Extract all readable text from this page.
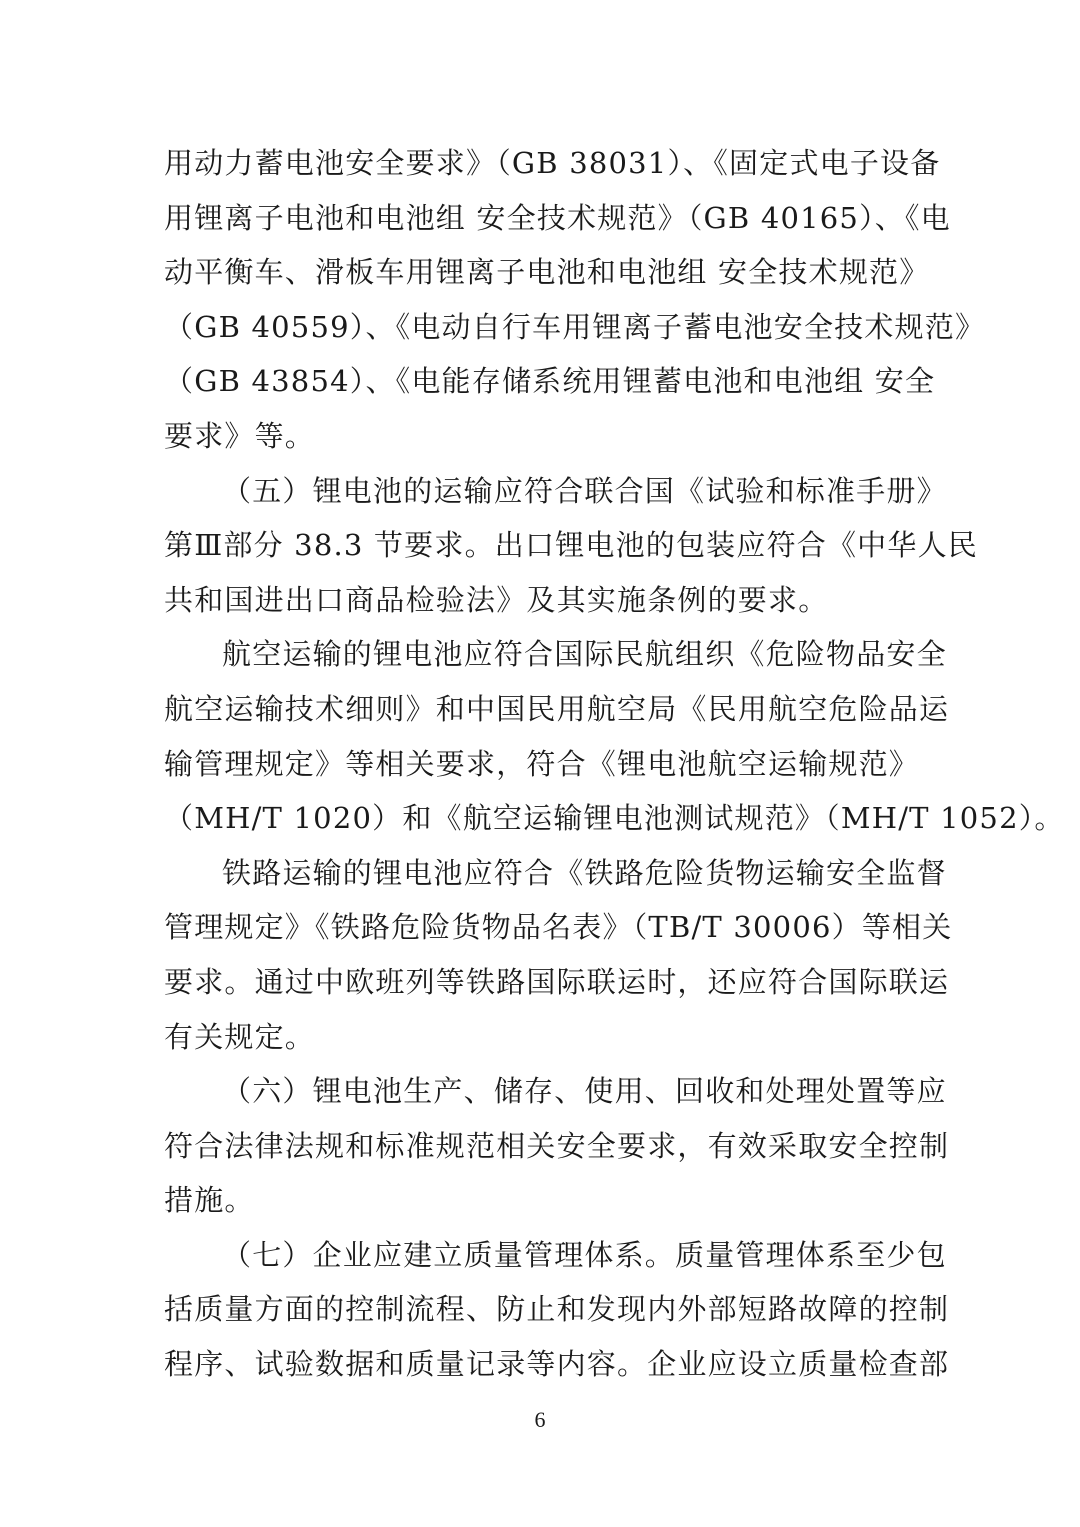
用动力蓄电池安全要求》（GB 38031）、《固定式电子设备
用锂离子电池和电池组 安全技术规范》（GB 40165）、《电
动平衡车、滑板车用锂离子电池和电池组 安全技术规范》
（GB 40559）、《电动自行车用锂离子蓄电池安全技术规范》
（GB 43854）、《电能存储系统用锂蓄电池和电池组 安全
要求》等。
（五）锂电池的运输应符合联合国《试验和标准手册》
第Ⅲ部分 38.3 节要求。出口锂电池的包装应符合《中华人民
共和国进出口商品检验法》及其实施条例的要求。
航空运输的锂电池应符合国际民航组织《危险物品安全
航空运输技术细则》和中国民用航空局《民用航空危险品运
输管理规定》等相关要求，符合《锂电池航空运输规范》
（MH/T 1020）和《航空运输锂电池测试规范》（MH/T 1052）。
铁路运输的锂电池应符合《铁路危险货物运输安全监督
管理规定》《铁路危险货物品名表》（TB/T 30006）等相关
要求。通过中欧班列等铁路国际联运时，还应符合国际联运
有关规定。
（六）锂电池生产、储存、使用、回收和处理处置等应
符合法律法规和标准规范相关安全要求，有效采取安全控制
措施。
（七）企业应建立质量管理体系。质量管理体系至少包
括质量方面的控制流程、防止和发现内外部短路故障的控制
程序、试验数据和质量记录等内容。企业应设立质量检查部
6
